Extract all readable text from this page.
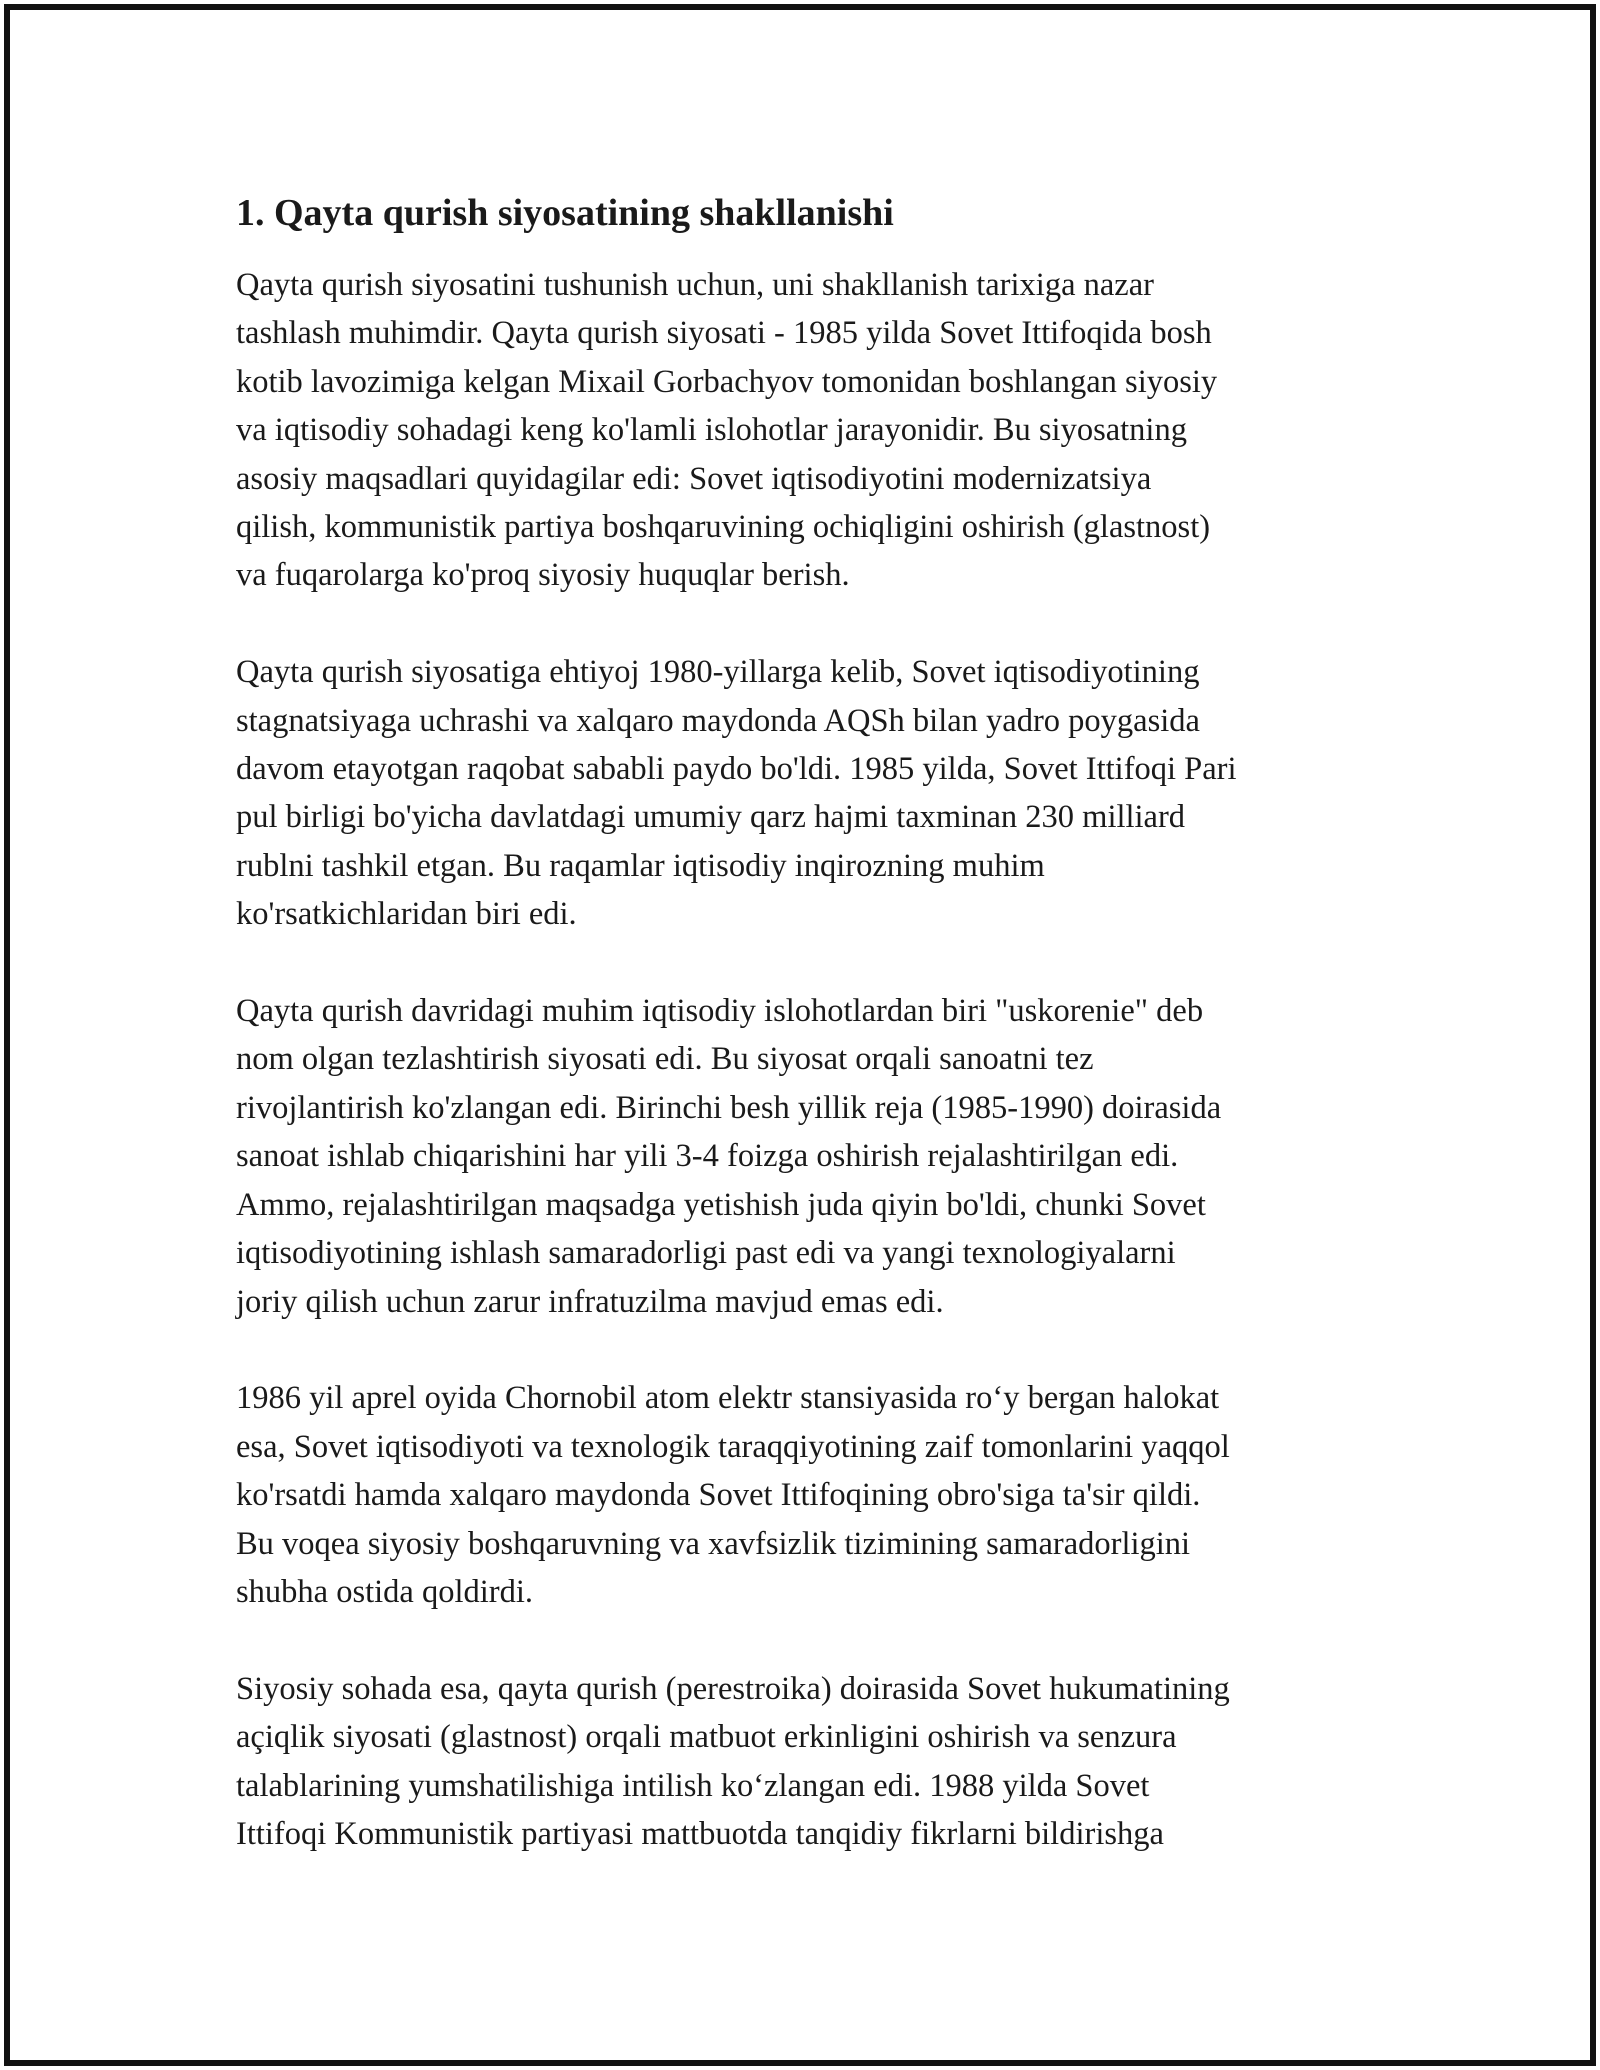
1. Qayta qurish siyosatining shakllanishi

Qayta qurish siyosatini tushunish uchun, uni shakllanish tarixiga nazar
tashlash muhimdir. Qayta qurish siyosati - 1985 yilda Sovet Ittifoqida bosh
kotib lavozimiga kelgan Mixail Gorbachyov tomonidan boshlangan siyosiy
va iqtisodiy sohadagi keng ko'lamli islohotlar jarayonidir. Bu siyosatning
asosiy maqsadlari quyidagilar edi: Sovet iqtisodiyotini modernizatsiya
qilish, kommunistik partiya boshqaruvining ochiqligini oshirish (glastnost)
va fuqarolarga ko'proq siyosiy huquqlar berish.

Qayta qurish siyosatiga ehtiyoj 1980-yillarga kelib, Sovet iqtisodiyotining
stagnatsiyaga uchrashi va xalqaro maydonda AQSh bilan yadro poygasida
davom etayotgan raqobat sababli paydo bo'ldi. 1985 yilda, Sovet Ittifoqi Pari
pul birligi bo'yicha davlatdagi umumiy qarz hajmi taxminan 230 milliard
rublni tashkil etgan. Bu raqamlar iqtisodiy inqirozning muhim
ko'rsatkichlaridan biri edi.

Qayta qurish davridagi muhim iqtisodiy islohotlardan biri "uskorenie" deb
nom olgan tezlashtirish siyosati edi. Bu siyosat orqali sanoatni tez
rivojlantirish ko'zlangan edi. Birinchi besh yillik reja (1985-1990) doirasida
sanoat ishlab chiqarishini har yili 3-4 foizga oshirish rejalashtirilgan edi.
Ammo, rejalashtirilgan maqsadga yetishish juda qiyin bo'ldi, chunki Sovet
iqtisodiyotining ishlash samaradorligi past edi va yangi texnologiyalarni
joriy qilish uchun zarur infratuzilma mavjud emas edi.

1986 yil aprel oyida Chornobil atom elektr stansiyasida ro‘y bergan halokat
esa, Sovet iqtisodiyoti va texnologik taraqqiyotining zaif tomonlarini yaqqol
ko'rsatdi hamda xalqaro maydonda Sovet Ittifoqining obro'siga ta'sir qildi.
Bu voqea siyosiy boshqaruvning va xavfsizlik tizimining samaradorligini
shubha ostida qoldirdi.

Siyosiy sohada esa, qayta qurish (perestroika) doirasida Sovet hukumatining
açiqlik siyosati (glastnost) orqali matbuot erkinligini oshirish va senzura
talablarining yumshatilishiga intilish ko‘zlangan edi. 1988 yilda Sovet
Ittifoqi Kommunistik partiyasi mattbuotda tanqidiy fikrlarni bildirishga
